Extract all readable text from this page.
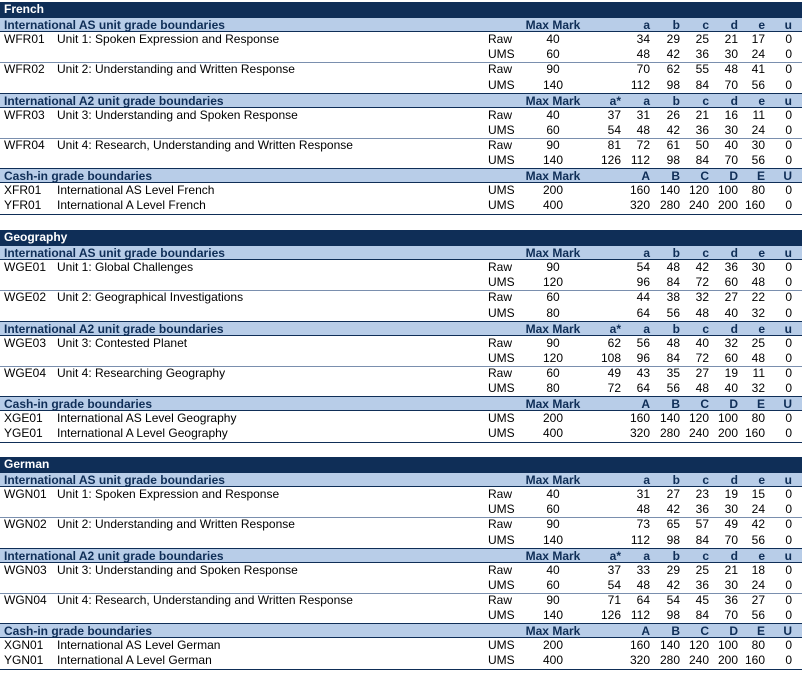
French
International AS unit grade boundaries	Max Mark	a	b	c	d	e	u
WFR01 Unit 1: Spoken Expression and Response	Raw	40	34	29	25	21	17	0
UMS	60	48	42	36	30	24	0
WFR02 Unit 2: Understanding and Written Response	Raw	90	70	62	55	48	41	0
UMS	140	112	98	84	70	56	0
International A2 unit grade boundaries	Max Mark	a*	a	b	c	d	e	u
WFR03 Unit 3: Understanding and Spoken Response	Raw	40	37	31	26	21	16	11	0
UMS	60	54	48	42	36	30	24	0
WFR04 Unit 4: Research, Understanding and Written Response	Raw	90	81	72	61	50	40	30	0
UMS	140	126 112	98	84	70	56	0
Cash-in grade boundaries	Max Mark	A	B	C	D	E	U
XFR01 International AS Level French	UMS	200	160 140 120 100	80	0
YFR01 International A Level French	UMS	400	320 280 240 200 160	0
Geography
International AS unit grade boundaries	Max Mark	a	b	c	d	e	u
WGE01 Unit 1: Global Challenges	Raw	90	54	48	42	36	30	0
UMS	120	96	84	72	60	48	0
WGE02 Unit 2: Geographical Investigations	Raw	60	44	38	32	27	22	0
UMS	80	64	56	48	40	32	0
International A2 unit grade boundaries	Max Mark	a*	a	b	c	d	e	u
WGE03 Unit 3: Contested Planet	Raw	90	62	56	48	40	32	25	0
UMS	120	108	96	84	72	60	48	0
WGE04 Unit 4: Researching Geography	Raw	60	49	43	35	27	19	11	0
UMS	80	72	64	56	48	40	32	0
Cash-in grade boundaries	Max Mark	A	B	C	D	E	U
XGE01 International AS Level Geography	UMS	200	160 140 120 100	80	0
YGE01 International A Level Geography	UMS	400	320 280 240 200 160	0
German
International AS unit grade boundaries	Max Mark	a	b	c	d	e	u
WGN01 Unit 1: Spoken Expression and Response	Raw	40	31	27	23	19	15	0
UMS	60	48	42	36	30	24	0
WGN02 Unit 2: Understanding and Written Response	Raw	90	73	65	57	49	42	0
UMS	140	112	98	84	70	56	0
International A2 unit grade boundaries	Max Mark	a*	a	b	c	d	e	u
WGN03 Unit 3: Understanding and Spoken Response	Raw	40	37	33	29	25	21	18	0
UMS	60	54	48	42	36	30	24	0
WGN04 Unit 4: Research, Understanding and Written Response	Raw	90	71	64	54	45	36	27	0
UMS	140	126 112	98	84	70	56	0
Cash-in grade boundaries	Max Mark	A	B	C	D	E	U
XGN01 International AS Level German	UMS	200	160 140 120 100	80	0
YGN01 International A Level German	UMS	400	320 280 240 200 160	0
